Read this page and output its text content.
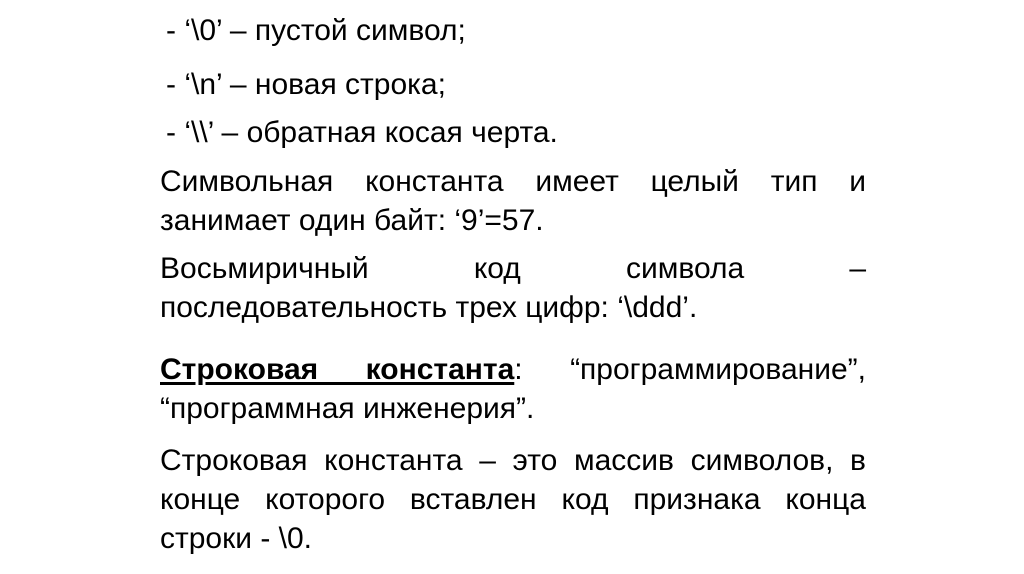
- ‘\0’ – пустой символ;
- ‘\n’ – новая строка;
- ‘\\’ – обратная косая черта.
Символьная константа имеет целый тип и
занимает один байт: ‘9’=57.
Восьмиричный код символа –
последовательность трех цифр: ‘\ddd’.
Строковая константа: “программирование”,
“программная инженерия”.
Строковая константа – это массив символов, в
конце которого вставлен код признака конца
строки - \0.
